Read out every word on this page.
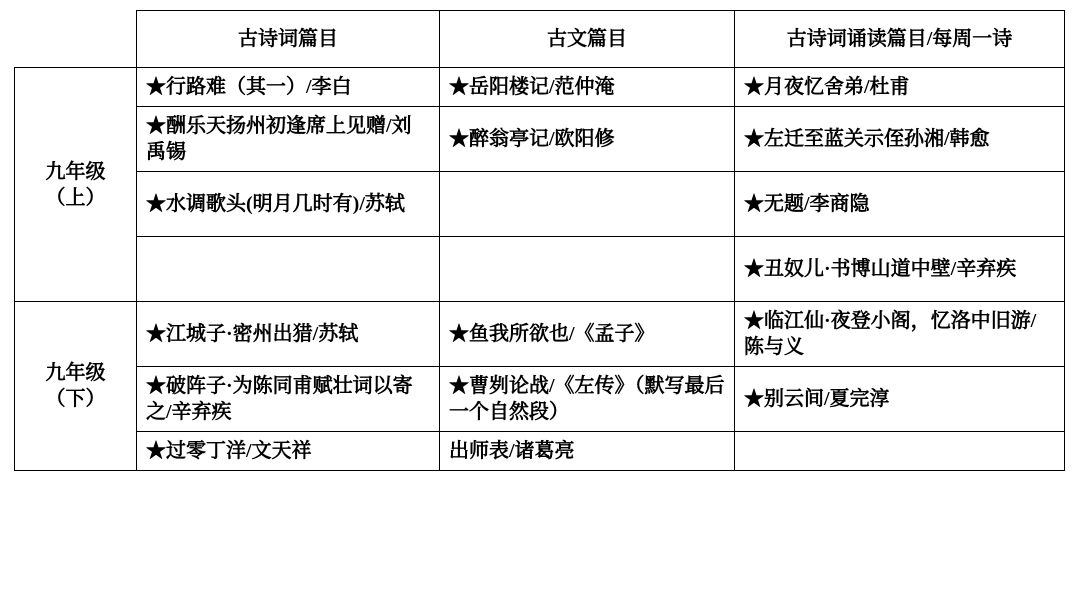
	古诗词篇目	古文篇目	古诗词诵读篇目/每周一诗

九年级
（上）	★行路难（其一）/李白	★岳阳楼记/范仲淹	★月夜忆舍弟/杜甫
	★酬乐天扬州初逢席上见赠/刘禹锡	★醉翁亭记/欧阳修	★左迁至蓝关示侄孙湘/韩愈
	★水调歌头(明月几时有)/苏轼		★无题/李商隐
			★丑奴儿·书博山道中壁/辛弃疾

九年级
（下）	★江城子·密州出猎/苏轼	★鱼我所欲也/《孟子》	★临江仙·夜登小阁，忆洛中旧游/陈与义
	★破阵子·为陈同甫赋壮词以寄之/辛弃疾	★曹刿论战/《左传》（默写最后一个自然段）	★别云间/夏完淳
	★过零丁洋/文天祥	出师表/诸葛亮	
